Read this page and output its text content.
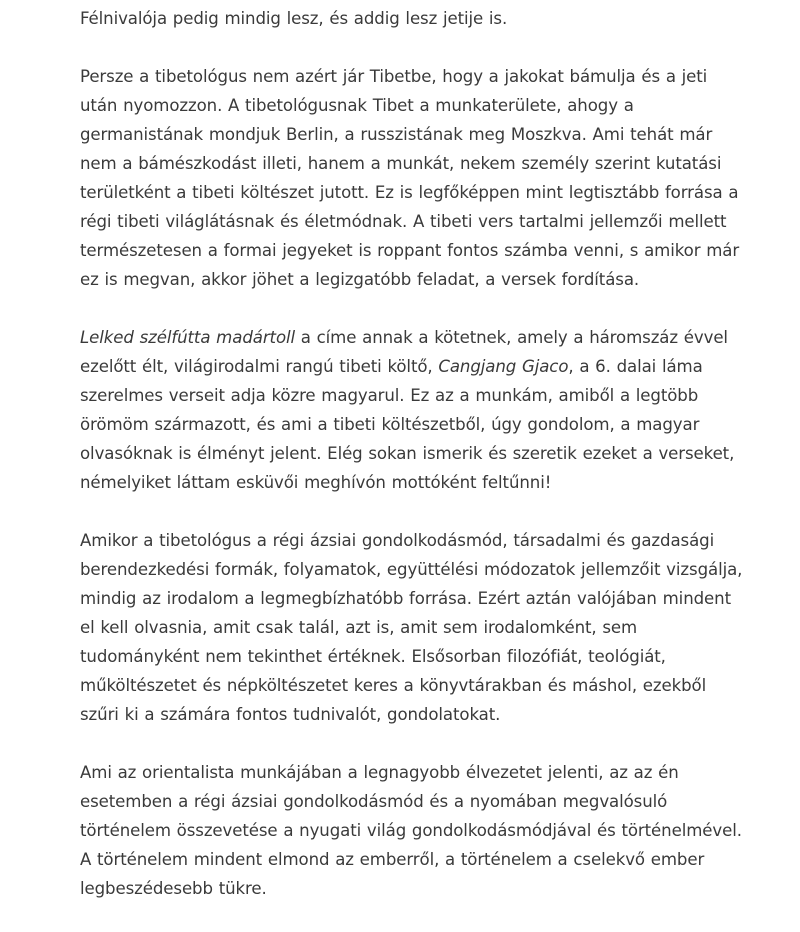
Félnivalója pedig mindig lesz, és addig lesz jetije is.

Persze a tibetológus nem azért jár Tibetbe, hogy a jakokat bámulja és a jeti után nyomozzon. A tibetológusnak Tibet a munkaterülete, ahogy a germanistának mondjuk Berlin, a russzistának meg Moszkva. Ami tehát már nem a bámészkodást illeti, hanem a munkát, nekem személy szerint kutatási területként a tibeti költészet jutott. Ez is legfőképpen mint legtisztább forrása a régi tibeti világlátásnak és életmódnak. A tibeti vers tartalmi jellemzői mellett természetesen a formai jegyeket is roppant fontos számba venni, s amikor már ez is megvan, akkor jöhet a legizgatóbb feladat, a versek fordítása.

Lelked szélfútta madártoll a címe annak a kötetnek, amely a háromszáz évvel ezelőtt élt, világirodalmi rangú tibeti költő, Cangjang Gjaco, a 6. dalai láma szerelmes verseit adja közre magyarul. Ez az a munkám, amiből a legtöbb örömöm származott, és ami a tibeti költészetből, úgy gondolom, a magyar olvasóknak is élményt jelent. Elég sokan ismerik és szeretik ezeket a verseket, némelyiket láttam esküvői meghívón mottóként feltűnni!

Amikor a tibetológus a régi ázsiai gondolkodásmód, társadalmi és gazdasági berendezkedési formák, folyamatok, együttélési módozatok jellemzőit vizsgálja, mindig az irodalom a legmegbízhatóbb forrása. Ezért aztán valójában mindent el kell olvasnia, amit csak talál, azt is, amit sem irodalomként, sem tudományként nem tekinthet értéknek. Elsősorban filozófiát, teológiát, műköltészetet és népköltészetet keres a könyvtárakban és máshol, ezekből szűri ki a számára fontos tudnivalót, gondolatokat.

Ami az orientalista munkájában a legnagyobb élvezetet jelenti, az az én esetemben a régi ázsiai gondolkodásmód és a nyomában megvalósuló történelem összevetése a nyugati világ gondolkodásmódjával és történelmével. A történelem mindent elmond az emberről, a történelem a cselekvő ember legbeszédesebb tükre.
